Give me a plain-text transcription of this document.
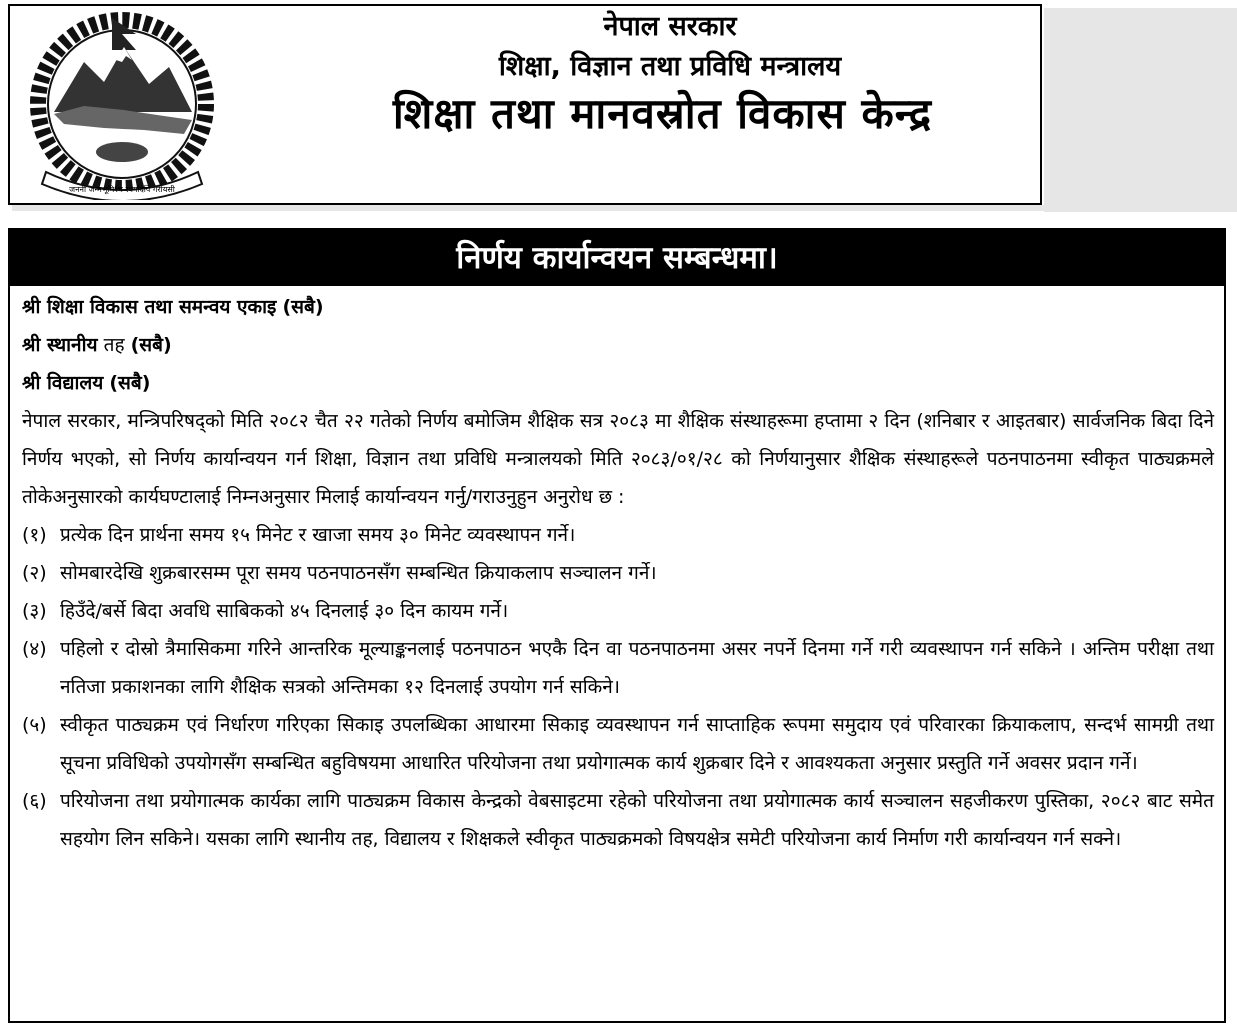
जननी जन्मभूमिश्च स्वर्गादपि गरीयसी
नेपाल सरकार
शिक्षा, विज्ञान तथा प्रविधि मन्त्रालय
शिक्षा तथा मानवस्रोत विकास केन्द्र
निर्णय कार्यान्वयन सम्बन्धमा।

श्री शिक्षा विकास तथा समन्वय एकाइ (सबै)

श्री स्थानीय तह (सबै)

श्री विद्यालय (सबै)

नेपाल सरकार, मन्त्रिपरिषद्को मिति २०८२ चैत २२ गतेको निर्णय बमोजिम शैक्षिक सत्र २०८३ मा शैक्षिक संस्थाहरूमा हप्तामा २ दिन (शनिबार र आइतबार) सार्वजनिक बिदा दिने निर्णय भएको, सो निर्णय कार्यान्वयन गर्न शिक्षा, विज्ञान तथा प्रविधि मन्त्रालयको मिति २०८३/०१/२८ को निर्णयानुसार शैक्षिक संस्थाहरूले पठनपाठनमा स्वीकृत पाठ्यक्रमले तोकेअनुसारको कार्यघण्टालाई निम्नअनुसार मिलाई कार्यान्वयन गर्नु/गराउनुहुन अनुरोध छ :

(१) प्रत्येक दिन प्रार्थना समय १५ मिनेट र खाजा समय ३० मिनेट व्यवस्थापन गर्ने।
(२) सोमबारदेखि शुक्रबारसम्म पूरा समय पठनपाठनसँग सम्बन्धित क्रियाकलाप सञ्चालन गर्ने।
(३) हिउँदे/बर्से बिदा अवधि साबिकको ४५ दिनलाई ३० दिन कायम गर्ने।
(४) पहिलो र दोस्रो त्रैमासिकमा गरिने आन्तरिक मूल्याङ्कनलाई पठनपाठन भएकै दिन वा पठनपाठनमा असर नपर्ने दिनमा गर्ने गरी व्यवस्थापन गर्न सकिने । अन्तिम परीक्षा तथा नतिजा प्रकाशनका लागि शैक्षिक सत्रको अन्तिमका १२ दिनलाई उपयोग गर्न सकिने।
(५) स्वीकृत पाठ्यक्रम एवं निर्धारण गरिएका सिकाइ उपलब्धिका आधारमा सिकाइ व्यवस्थापन गर्न साप्ताहिक रूपमा समुदाय एवं परिवारका क्रियाकलाप, सन्दर्भ सामग्री तथा सूचना प्रविधिको उपयोगसँग सम्बन्धित बहुविषयमा आधारित परियोजना तथा प्रयोगात्मक कार्य शुक्रबार दिने र आवश्यकता अनुसार प्रस्तुति गर्ने अवसर प्रदान गर्ने।
(६) परियोजना तथा प्रयोगात्मक कार्यका लागि पाठ्यक्रम विकास केन्द्रको वेबसाइटमा रहेको परियोजना तथा प्रयोगात्मक कार्य सञ्चालन सहजीकरण पुस्तिका, २०८२ बाट समेत सहयोग लिन सकिने। यसका लागि स्थानीय तह, विद्यालय र शिक्षकले स्वीकृत पाठ्यक्रमको विषयक्षेत्र समेटी परियोजना कार्य निर्माण गरी कार्यान्वयन गर्न सक्ने।
